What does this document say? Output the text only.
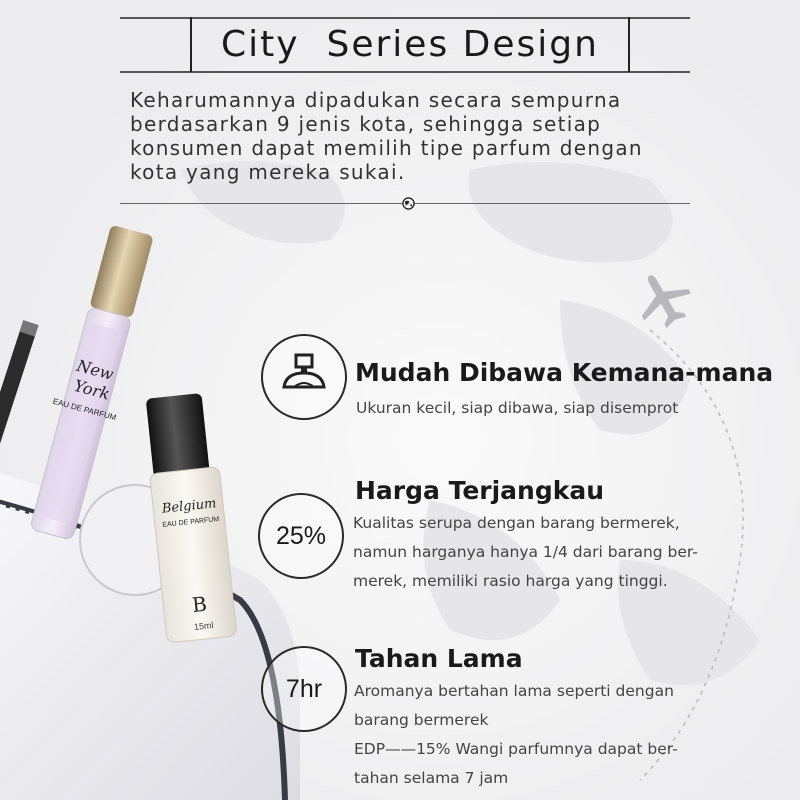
New
York
EAU DE PARFUM
Belgium
EAU DE PARFUM
B
15ml
City  Series Design
Keharumannya dipadukan secara sempurna
berdasarkan 9 jenis kota, sehingga setiap
konsumen dapat memilih tipe parfum dengan
kota yang mereka sukai.
Mudah Dibawa Kemana-mana
Ukuran kecil, siap dibawa, siap disemprot
25%
Harga Terjangkau
Kualitas serupa dengan barang bermerek,
namun harganya hanya 1/4 dari barang ber-
merek, memiliki rasio harga yang tinggi.
7hr
Tahan Lama
Aromanya bertahan lama seperti dengan
barang bermerek
EDP——15% Wangi parfumnya dapat ber-
tahan selama 7 jam
